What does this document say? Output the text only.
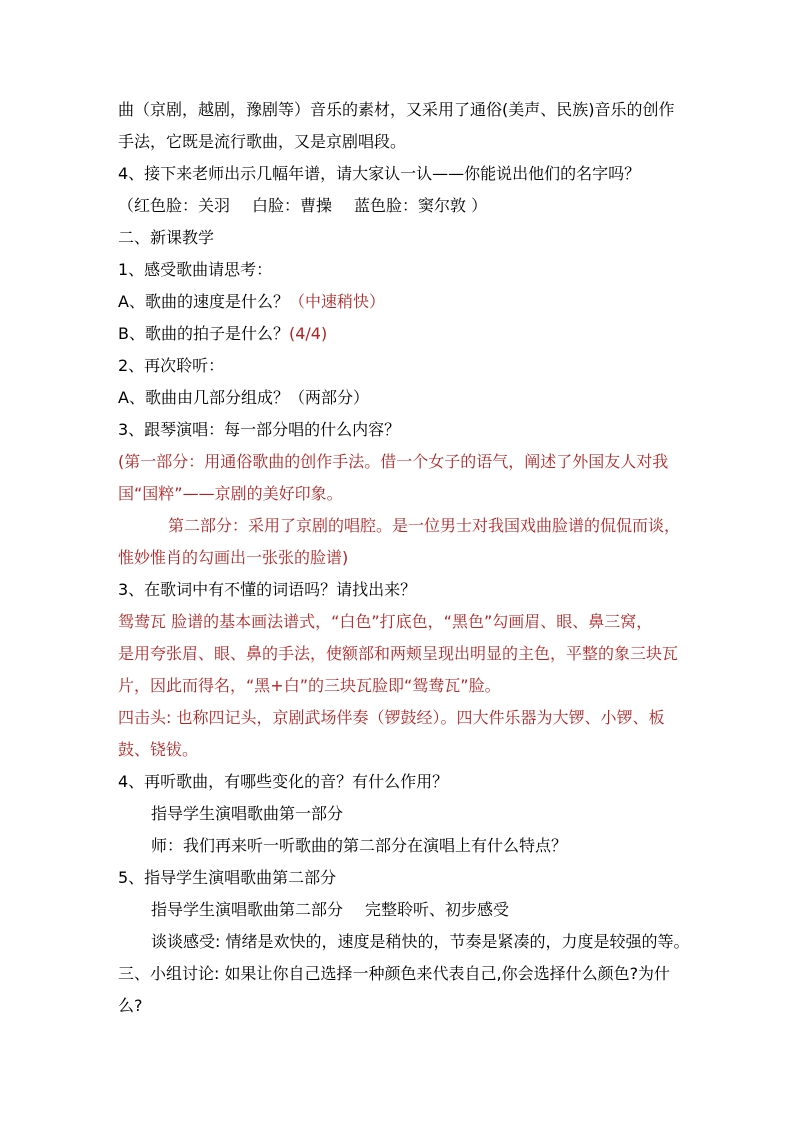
曲（京剧，越剧，豫剧等）音乐的素材，又采用了通俗(美声、民族)音乐的创作
手法，它既是流行歌曲，又是京剧唱段。
4、接下来老师出示几幅年谱，请大家认一认——你能说出他们的名字吗？
（红色脸：关羽 白脸：曹操 蓝色脸：窦尔敦 ）
二、新课教学
1、感受歌曲请思考：
A、歌曲的速度是什么？（中速稍快）
B、歌曲的拍子是什么？(4/4)
2、再次聆听：
A、歌曲由几部分组成？（两部分）
3、跟琴演唱：每一部分唱的什么内容？
(第一部分：用通俗歌曲的创作手法。借一个女子的语气，阐述了外国友人对我
国“国粹”——京剧的美好印象。
第二部分：采用了京剧的唱腔。是一位男士对我国戏曲脸谱的侃侃而谈，
惟妙惟肖的勾画出一张张的脸谱)
3、在歌词中有不懂的词语吗？请找出来？
鸳鸯瓦 脸谱的基本画法谱式，“白色”打底色，“黑色”勾画眉、眼、鼻三窝，
是用夸张眉、眼、鼻的手法，使额部和两颊呈现出明显的主色，平整的象三块瓦
片，因此而得名，“黑+白”的三块瓦脸即“鸳鸯瓦”脸。
四击头: 也称四记头，京剧武场伴奏（锣鼓经）。四大件乐器为大锣、小锣、板
鼓、铙钹。
4、再听歌曲，有哪些变化的音？有什么作用？
指导学生演唱歌曲第一部分
师：我们再来听一听歌曲的第二部分在演唱上有什么特点？
5、指导学生演唱歌曲第二部分
指导学生演唱歌曲第二部分 完整聆听、初步感受
谈谈感受: 情绪是欢快的，速度是稍快的，节奏是紧凑的，力度是较强的等。
三、小组讨论: 如果让你自己选择一种颜色来代表自己,你会选择什么颜色?为什
么?
